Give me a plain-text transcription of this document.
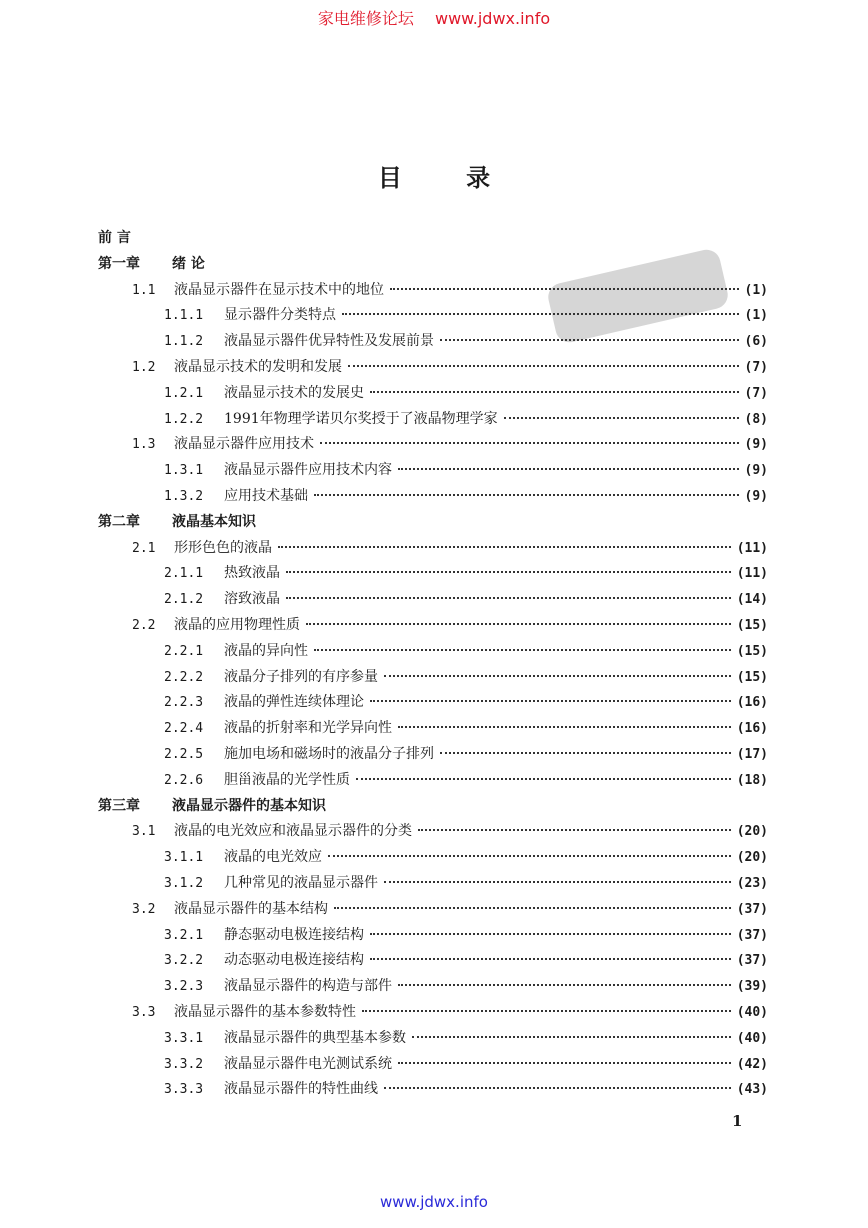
家电维修论坛 www.jdwx.info
目	录
前 言
第一章	绪 论
1.1	液晶显示器件在显示技术中的地位	(1)
1.1.1	显示器件分类特点	(1)
1.1.2	液晶显示器件优异特性及发展前景	(6)
1.2	液晶显示技术的发明和发展	(7)
1.2.1	液晶显示技术的发展史	(7)
1.2.2	1991年物理学诺贝尔奖授于了液晶物理学家	(8)
1.3	液晶显示器件应用技术	(9)
1.3.1	液晶显示器件应用技术内容	(9)
1.3.2	应用技术基础	(9)
第二章	液晶基本知识
2.1	形形色色的液晶	(11)
2.1.1	热致液晶	(11)
2.1.2	溶致液晶	(14)
2.2	液晶的应用物理性质	(15)
2.2.1	液晶的异向性	(15)
2.2.2	液晶分子排列的有序参量	(15)
2.2.3	液晶的弹性连续体理论	(16)
2.2.4	液晶的折射率和光学异向性	(16)
2.2.5	施加电场和磁场时的液晶分子排列	(17)
2.2.6	胆甾液晶的光学性质	(18)
第三章	液晶显示器件的基本知识
3.1	液晶的电光效应和液晶显示器件的分类	(20)
3.1.1	液晶的电光效应	(20)
3.1.2	几种常见的液晶显示器件	(23)
3.2	液晶显示器件的基本结构	(37)
3.2.1	静态驱动电极连接结构	(37)
3.2.2	动态驱动电极连接结构	(37)
3.2.3	液晶显示器件的构造与部件	(39)
3.3	液晶显示器件的基本参数特性	(40)
3.3.1	液晶显示器件的典型基本参数	(40)
3.3.2	液晶显示器件电光测试系统	(42)
3.3.3	液晶显示器件的特性曲线	(43)
1
www.jdwx.info
